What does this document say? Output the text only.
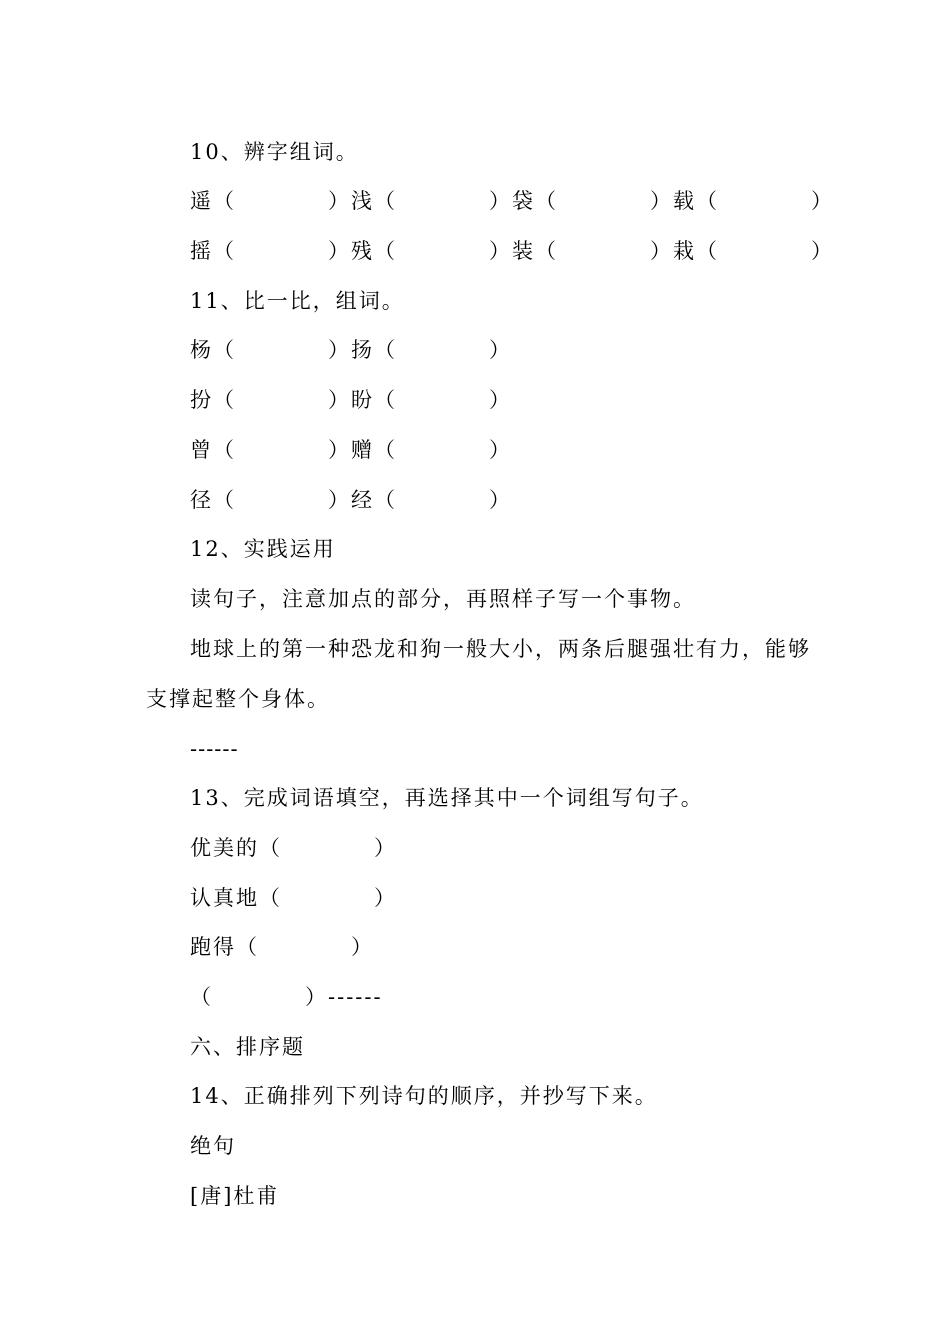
10、辨字组词。
遥（　　　　）浅（　　　　）袋（　　　　）载（　　　　）
摇（　　　　）残（　　　　）装（　　　　）栽（　　　　）
11、比一比，组词。
杨（　　　　）扬（　　　　）
扮（　　　　）盼（　　　　）
曾（　　　　）赠（　　　　）
径（　　　　）经（　　　　）
12、实践运用
读句子，注意加点的部分，再照样子写一个事物。
地球上的第一种恐龙和狗一般大小，两条后腿强壮有力，能够
支撑起整个身体。
------
13、完成词语填空，再选择其中一个词组写句子。
优美的（　　　　）
认真地（　　　　）
跑得（　　　　）
（　　　　）------
六、排序题
14、正确排列下列诗句的顺序，并抄写下来。
绝句
[唐]杜甫
